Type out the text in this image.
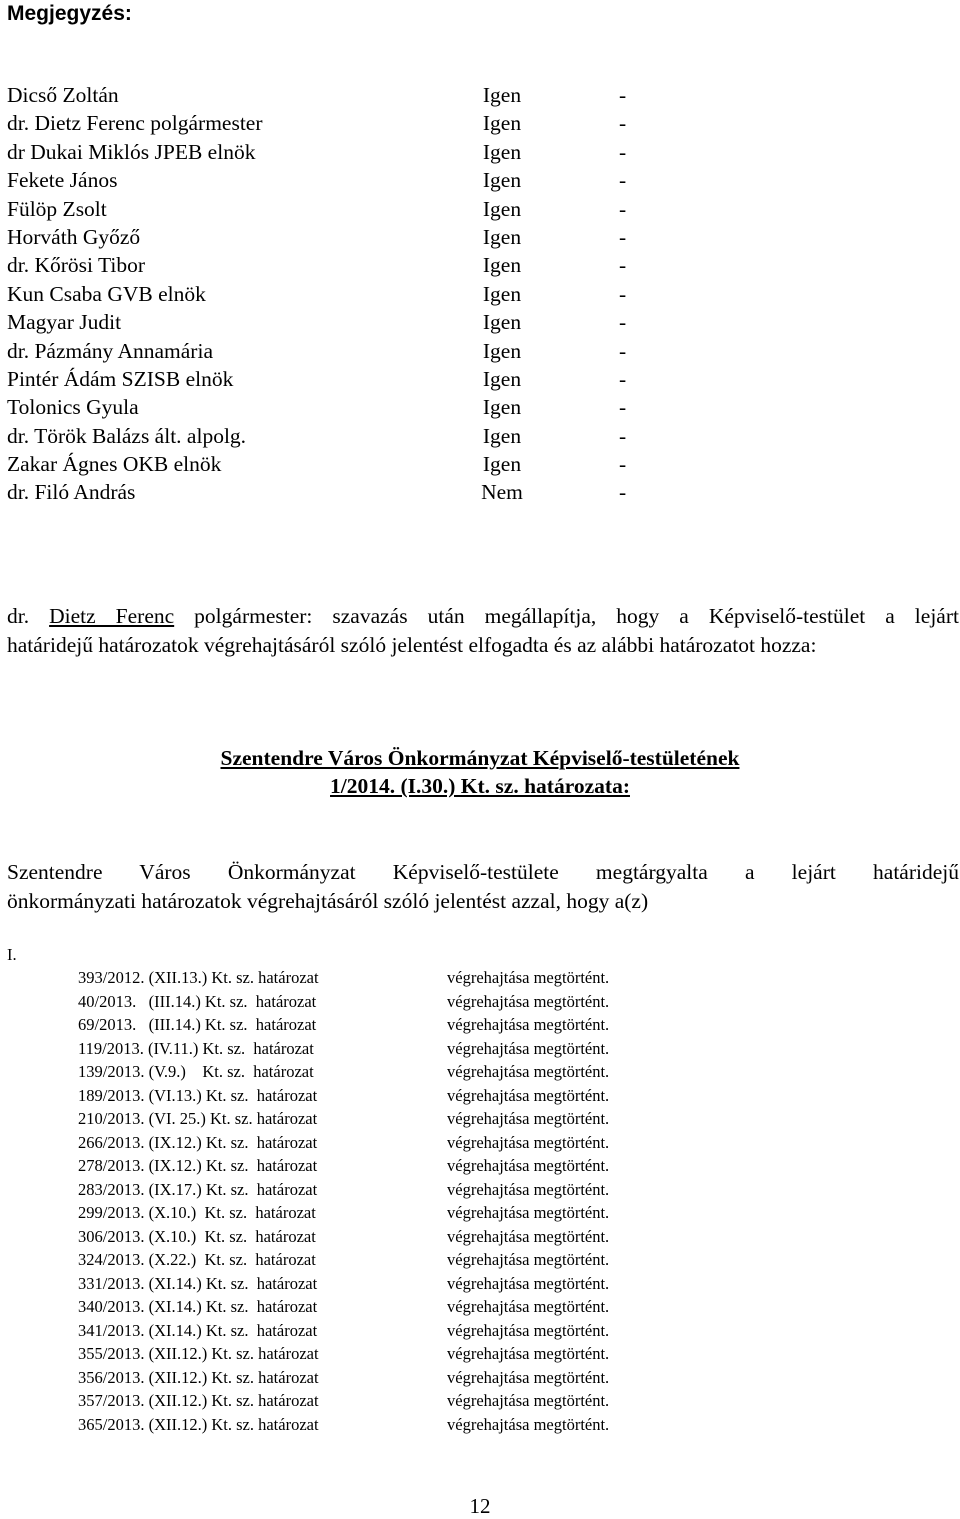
Megjegyzés:
Dicső Zoltán	Igen	-
dr. Dietz Ferenc polgármester	Igen	-
dr Dukai Miklós JPEB elnök	Igen	-
Fekete János	Igen	-
Fülöp Zsolt	Igen	-
Horváth Győző	Igen	-
dr. Kőrösi Tibor	Igen	-
Kun Csaba GVB elnök	Igen	-
Magyar Judit	Igen	-
dr. Pázmány Annamária	Igen	-
Pintér Ádám SZISB elnök	Igen	-
Tolonics Gyula	Igen	-
dr. Török Balázs ált. alpolg.	Igen	-
Zakar Ágnes OKB elnök	Igen	-
dr. Filó András	Nem	-
dr. Dietz Ferenc polgármester: szavazás után megállapítja, hogy a Képviselő-testület a lejárt
határidejű határozatok végrehajtásáról szóló jelentést elfogadta és az alábbi határozatot hozza:
Szentendre Város Önkormányzat Képviselő-testületének
1/2014. (I.30.) Kt. sz. határozata:
Szentendre Város Önkormányzat Képviselő-testülete megtárgyalta a lejárt határidejű
önkormányzati határozatok végrehajtásáról szóló jelentést azzal, hogy a(z)
I.
393/2012. (XII.13.) Kt. sz. határozat	végrehajtása megtörtént.
40/2013.   (III.14.) Kt. sz.  határozat	végrehajtása megtörtént.
69/2013.   (III.14.) Kt. sz.  határozat	végrehajtása megtörtént.
119/2013. (IV.11.) Kt. sz.  határozat	végrehajtása megtörtént.
139/2013. (V.9.)    Kt. sz.  határozat	végrehajtása megtörtént.
189/2013. (VI.13.) Kt. sz.  határozat	végrehajtása megtörtént.
210/2013. (VI. 25.) Kt. sz. határozat	végrehajtása megtörtént.
266/2013. (IX.12.) Kt. sz.  határozat	végrehajtása megtörtént.
278/2013. (IX.12.) Kt. sz.  határozat	végrehajtása megtörtént.
283/2013. (IX.17.) Kt. sz.  határozat	végrehajtása megtörtént.
299/2013. (X.10.)  Kt. sz.  határozat	végrehajtása megtörtént.
306/2013. (X.10.)  Kt. sz.  határozat	végrehajtása megtörtént.
324/2013. (X.22.)  Kt. sz.  határozat	végrehajtása megtörtént.
331/2013. (XI.14.) Kt. sz.  határozat	végrehajtása megtörtént.
340/2013. (XI.14.) Kt. sz.  határozat	végrehajtása megtörtént.
341/2013. (XI.14.) Kt. sz.  határozat	végrehajtása megtörtént.
355/2013. (XII.12.) Kt. sz. határozat	végrehajtása megtörtént.
356/2013. (XII.12.) Kt. sz. határozat	végrehajtása megtörtént.
357/2013. (XII.12.) Kt. sz. határozat	végrehajtása megtörtént.
365/2013. (XII.12.) Kt. sz. határozat	végrehajtása megtörtént.
12
